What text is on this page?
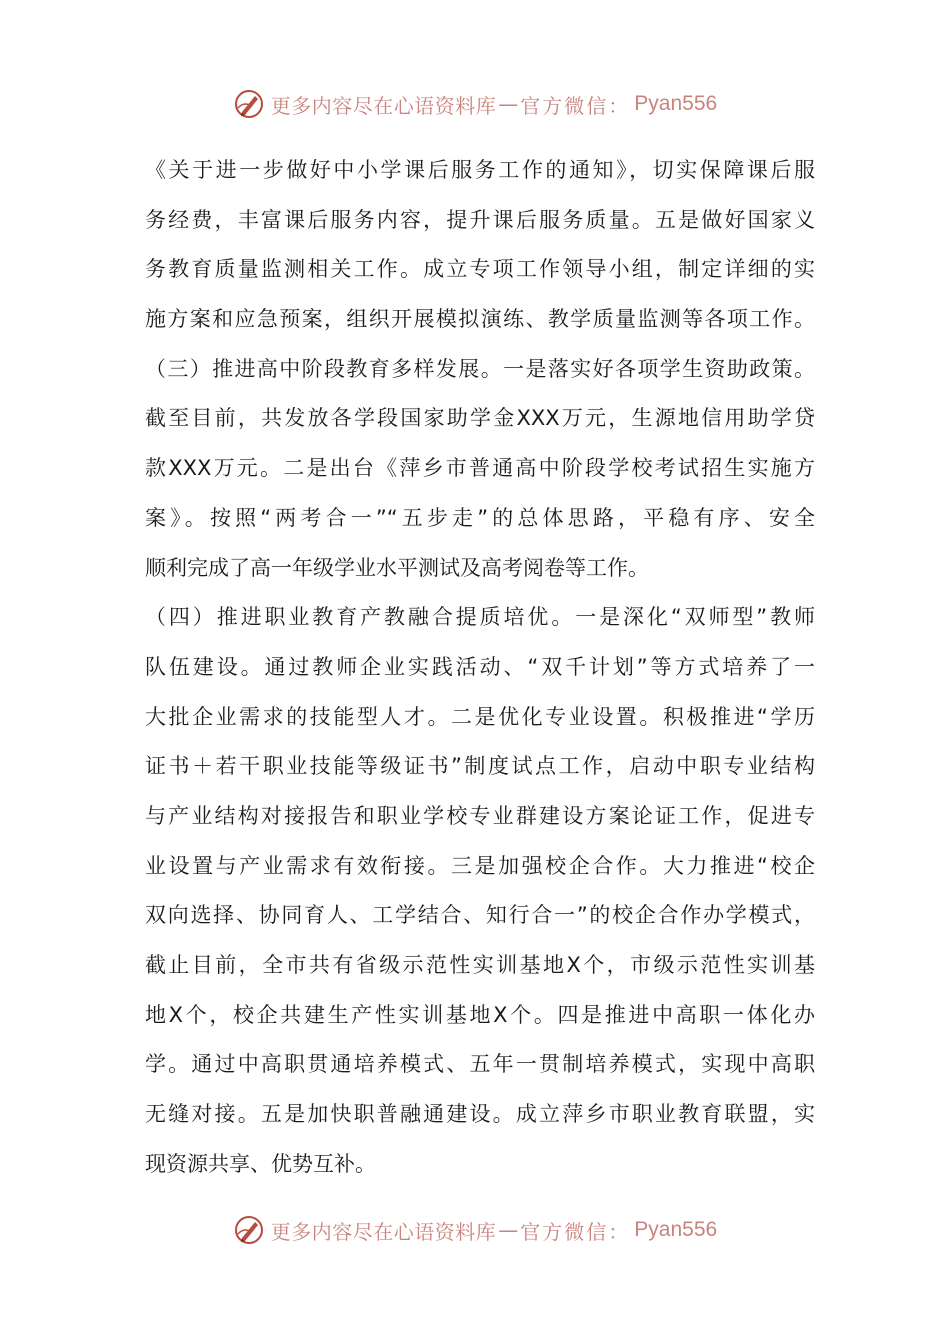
更多内容尽在心语资料库 — 官方微信： Pyan556
《关于进一步做好中小学课后服务工作的通知》，切实保障课后服
务经费，丰富课后服务内容，提升课后服务质量。五是做好国家义
务教育质量监测相关工作。成立专项工作领导小组，制定详细的实
施方案和应急预案，组织开展模拟演练、教学质量监测等各项工作。
（三）推进高中阶段教育多样发展。一是落实好各项学生资助政策。
截至目前，共发放各学段国家助学金XXX万元，生源地信用助学贷
款XXX万元。二是出台《萍乡市普通高中阶段学校考试招生实施方
案》。按照“两考合一”“五步走”的总体思路，平稳有序、安全
顺利完成了高一年级学业水平测试及高考阅卷等工作。
（四）推进职业教育产教融合提质培优。一是深化“双师型”教师
队伍建设。通过教师企业实践活动、“双千计划”等方式培养了一
大批企业需求的技能型人才。二是优化专业设置。积极推进“学历
证书＋若干职业技能等级证书”制度试点工作，启动中职专业结构
与产业结构对接报告和职业学校专业群建设方案论证工作，促进专
业设置与产业需求有效衔接。三是加强校企合作。大力推进“校企
双向选择、协同育人、工学结合、知行合一”的校企合作办学模式，
截止目前，全市共有省级示范性实训基地X个，市级示范性实训基
地X个，校企共建生产性实训基地X个。四是推进中高职一体化办
学。通过中高职贯通培养模式、五年一贯制培养模式，实现中高职
无缝对接。五是加快职普融通建设。成立萍乡市职业教育联盟，实
现资源共享、优势互补。
更多内容尽在心语资料库 — 官方微信： Pyan556
